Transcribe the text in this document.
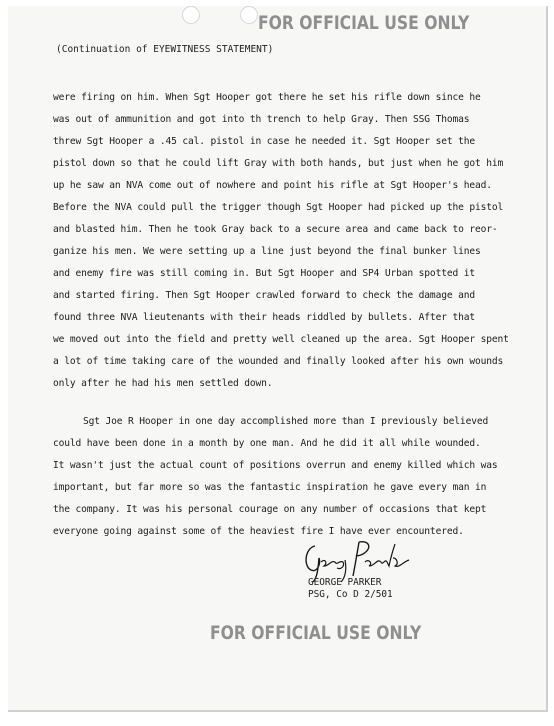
FOR OFFICIAL USE ONLY
(Continuation of EYEWITNESS STATEMENT)
were firing on him. When Sgt Hooper got there he set his rifle down since he
was out of ammunition and got into th trench to help Gray. Then SSG Thomas
threw Sgt Hooper a .45 cal. pistol in case he needed it. Sgt Hooper set the
pistol down so that he could lift Gray with both hands, but just when he got him
up he saw an NVA come out of nowhere and point his rifle at Sgt Hooper's head.
Before the NVA could pull the trigger though Sgt Hooper had picked up the pistol
and blasted him. Then he took Gray back to a secure area and came back to reor-
ganize his men. We were setting up a line just beyond the final bunker lines
and enemy fire was still coming in. But Sgt Hooper and SP4 Urban spotted it
and started firing. Then Sgt Hooper crawled forward to check the damage and
found three NVA lieutenants with their heads riddled by bullets. After that
we moved out into the field and pretty well cleaned up the area. Sgt Hooper spent
a lot of time taking care of the wounded and finally looked after his own wounds
only after he had his men settled down.
Sgt Joe R Hooper in one day accomplished more than I previously believed
could have been done in a month by one man. And he did it all while wounded.
It wasn't just the actual count of positions overrun and enemy killed which was
important, but far more so was the fantastic inspiration he gave every man in
the company. It was his personal courage on any number of occasions that kept
everyone going against some of the heaviest fire I have ever encountered.
GEORGE PARKER
PSG, Co D 2/501
FOR OFFICIAL USE ONLY
